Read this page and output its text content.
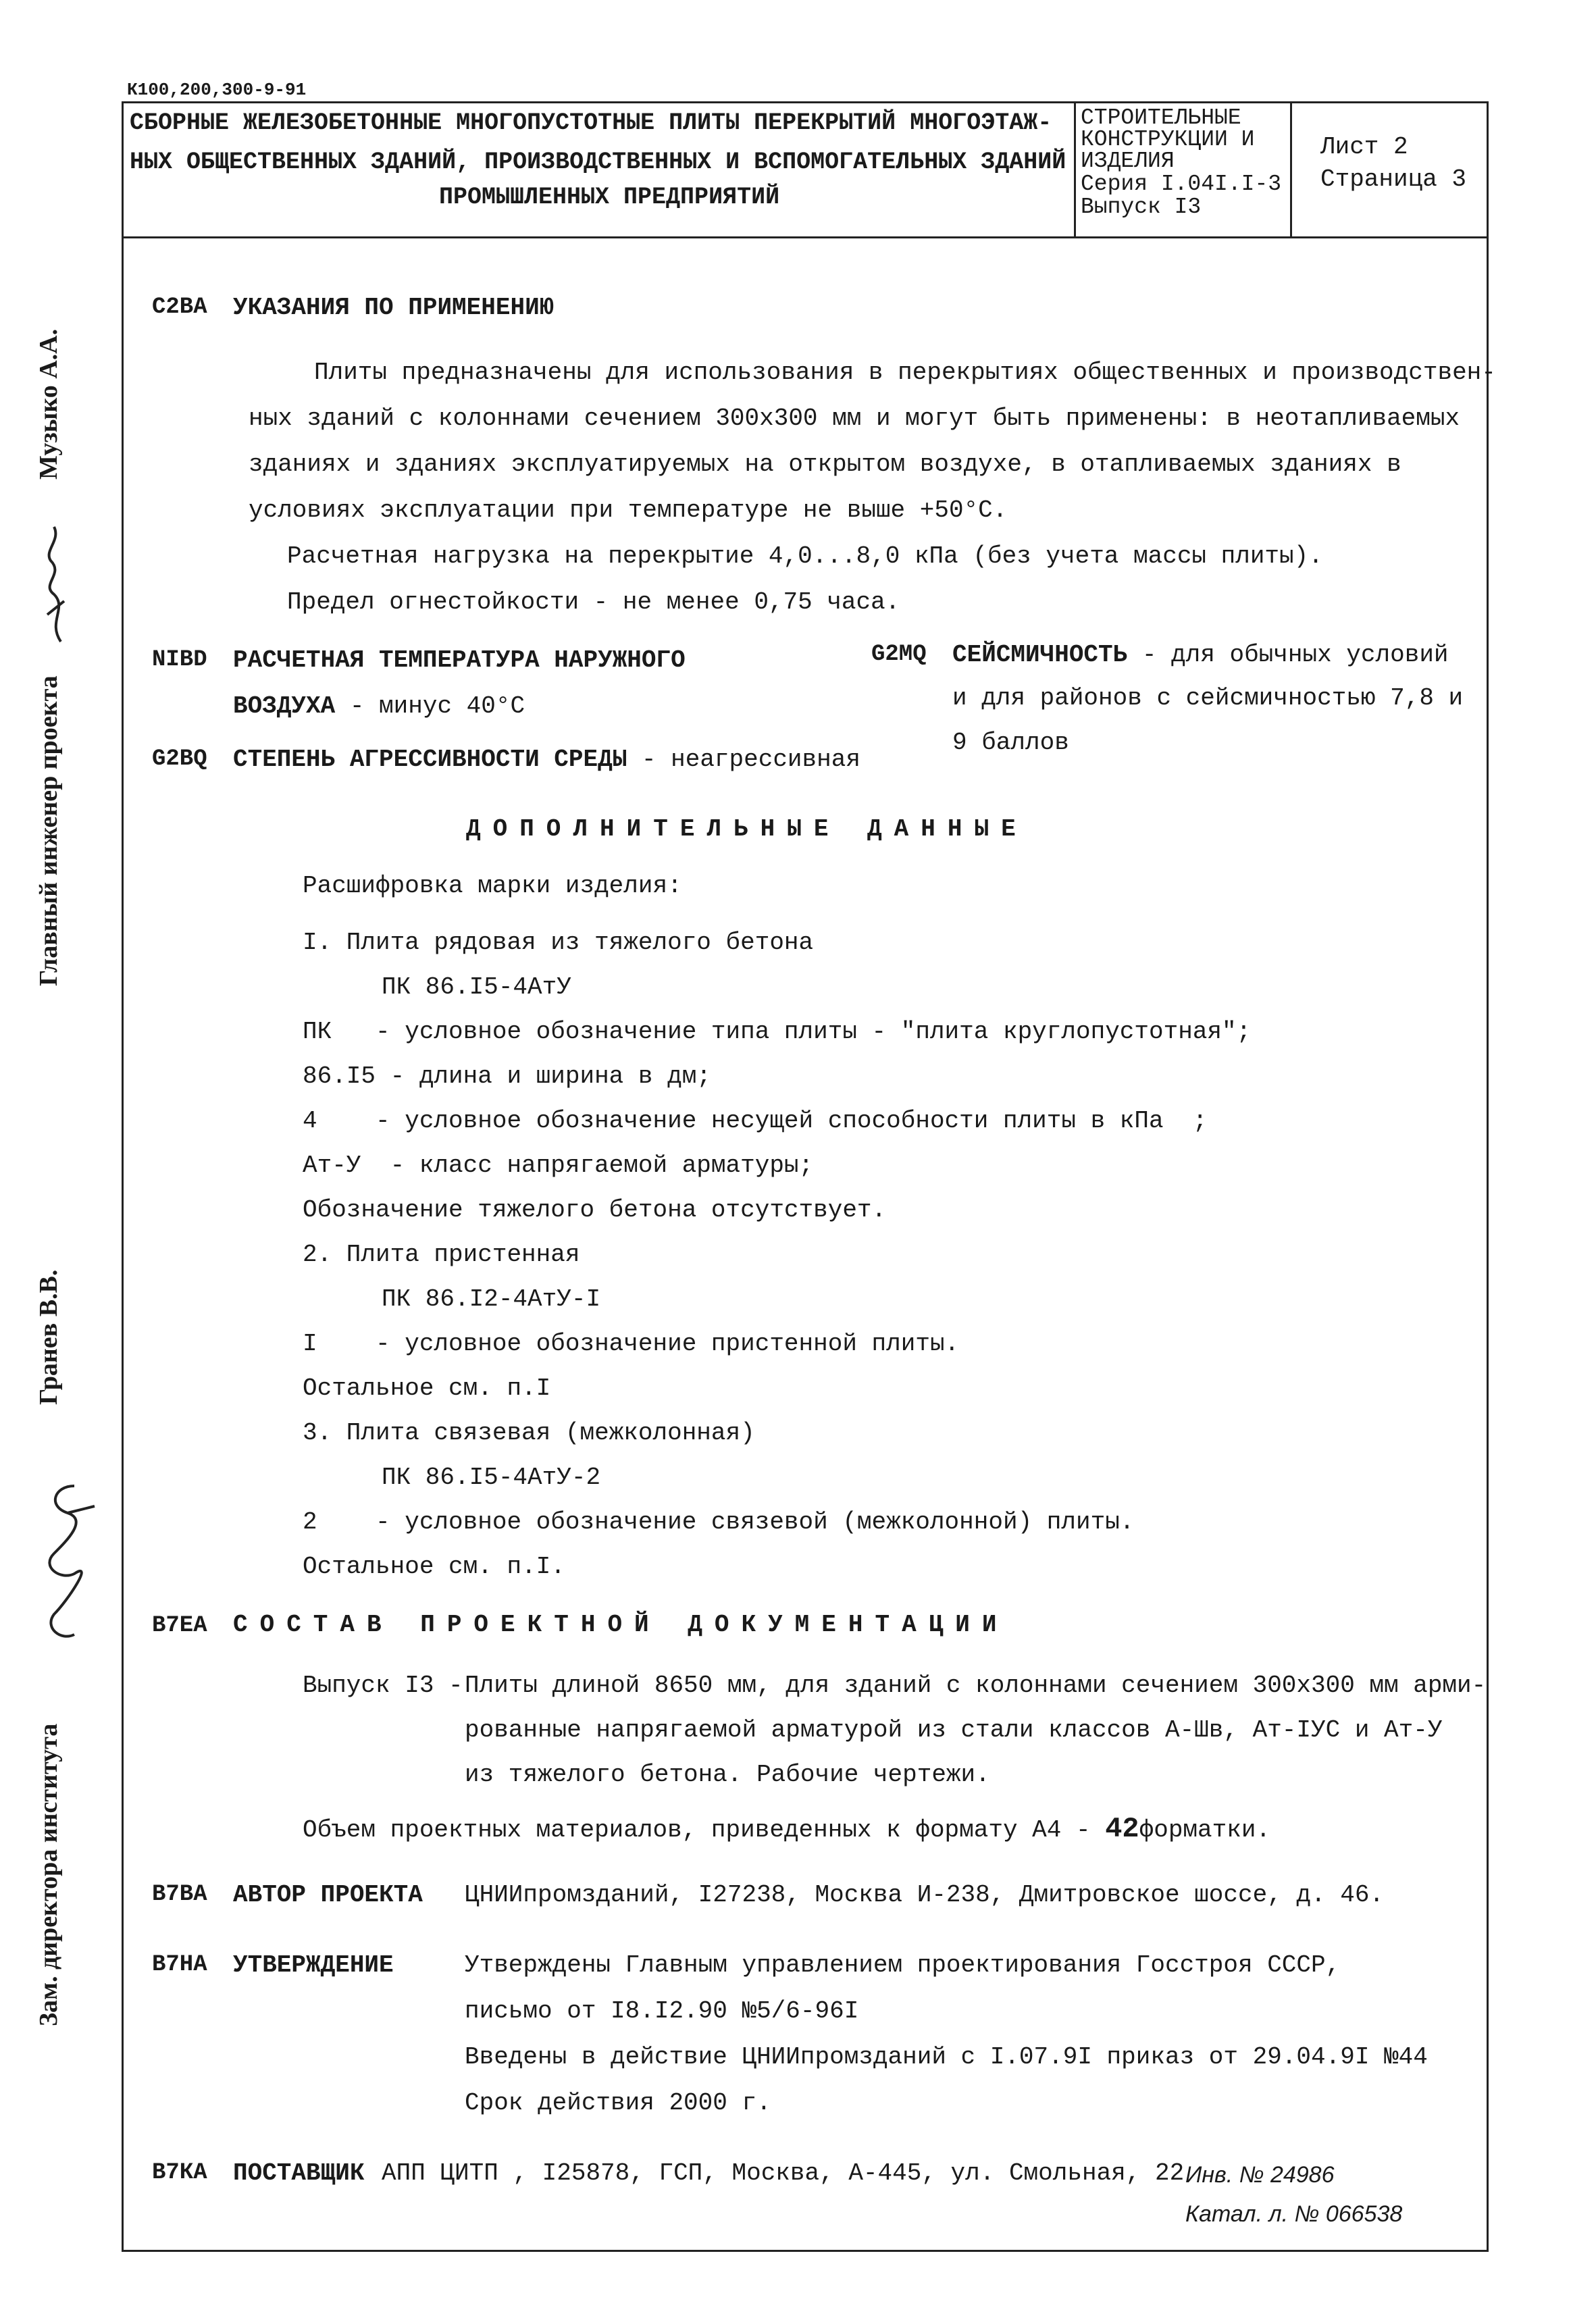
К100,200,300-9-91
СБОРНЫЕ ЖЕЛЕЗОБЕТОННЫЕ МНОГОПУСТОТНЫЕ ПЛИТЫ ПЕРЕКРЫТИЙ МНОГОЭТАЖ-
НЫХ ОБЩЕСТВЕННЫХ ЗДАНИЙ, ПРОИЗВОДСТВЕННЫХ И ВСПОМОГАТЕЛЬНЫХ ЗДАНИЙ
ПРОМЫШЛЕННЫХ ПРЕДПРИЯТИЙ
СТРОИТЕЛЬНЫЕ
КОНСТРУКЦИИ И
ИЗДЕЛИЯ
Серия I.04I.I-3
Выпуск I3
Лист 2
Страница 3
Главный инженер проекта
Музыко А.А.
Гранев В.В.
Зам. директора института
С2ВА УКАЗАНИЯ ПО ПРИМЕНЕНИЮ
Плиты предназначены для использования в перекрытиях общественных и производствен-
ных зданий с колоннами сечением 300х300 мм и могут быть применены: в неотапливаемых
зданиях и зданиях эксплуатируемых на открытом воздухе, в отапливаемых зданиях в
условиях эксплуатации при температуре не выше +50°С.
Расчетная нагрузка на перекрытие 4,0...8,0 кПа (без учета массы плиты).
Предел огнестойкости - не менее 0,75 часа.
NIBD РАСЧЕТНАЯ ТЕМПЕРАТУРА НАРУЖНОГО
ВОЗДУХА - минус 40°С
G2BQ СТЕПЕНЬ АГРЕССИВНОСТИ СРЕДЫ - неагрессивная
G2MQ СЕЙСМИЧНОСТЬ - для обычных условий
и для районов с сейсмичностью 7,8 и
9 баллов
ДОПОЛНИТЕЛЬНЫЕ ДАННЫЕ
Расшифровка марки изделия:
I. Плита рядовая из тяжелого бетона
ПК 86.I5-4АтУ
ПК   - условное обозначение типа плиты - "плита круглопустотная";
86.I5 - длина и ширина в дм;
4    - условное обозначение несущей способности плиты в кПа  ;
Ат-У  - класс напрягаемой арматуры;
Обозначение тяжелого бетона отсутствует.
2. Плита пристенная
ПК 86.I2-4АтУ-I
I    - условное обозначение пристенной плиты.
Остальное см. п.I
3. Плита связевая (межколонная)
ПК 86.I5-4АтУ-2
2    - условное обозначение связевой (межколонной) плиты.
Остальное см. п.I.
В7ЕА СОСТАВ ПРОЕКТНОЙ ДОКУМЕНТАЦИИ
Выпуск I3 - Плиты длиной 8650 мм, для зданий с колоннами сечением 300х300 мм арми-
рованные напрягаемой арматурой из стали классов А-Шв, Ат-IУС и Ат-У
из тяжелого бетона. Рабочие чертежи.
Объем проектных материалов, приведенных к формату А4 - 42форматки.
В7ВА АВТОР ПРОЕКТА ЦНИИпромзданий, I27238, Москва И-238, Дмитровское шоссе, д. 46.
В7НА УТВЕРЖДЕНИЕ	Утверждены Главным управлением проектирования Госстроя СССР,
письмо от I8.I2.90 №5/6-96I
Введены в действие ЦНИИпромзданий с I.07.9I приказ от 29.04.9I №44
Срок действия 2000 г.
В7КА ПОСТАВЩИК АПП ЦИТП , I25878, ГСП, Москва, А-445, ул. Смольная, 22 Инв. № 24986
Катал. л. № 066538
